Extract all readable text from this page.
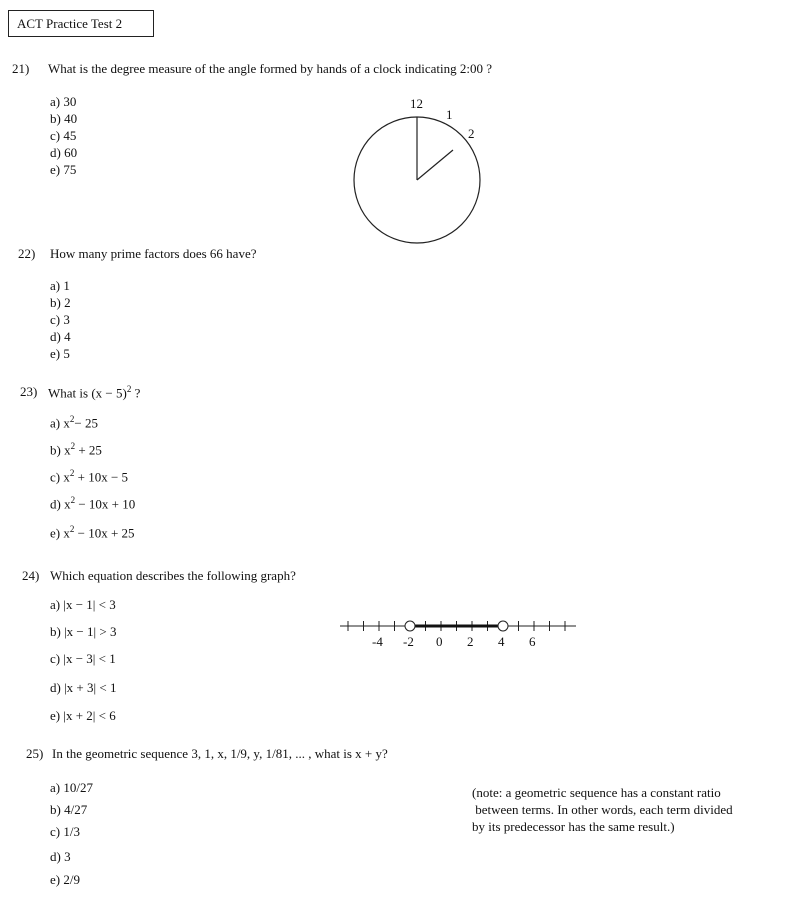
ACT Practice Test 2
21) What is the degree measure of the angle formed by hands of a clock indicating 2:00 ?
a) 30
b) 40
c) 45
d) 60
e) 75
12
1
2
22) How many prime factors does 66 have?
a) 1
b) 2
c) 3
d) 4
e) 5
23) What is $(x - 5)^2$ ?
a) $x^2- 25$
b) $x^2 + 25$
c) $x^2 + 10x - 5$
d) $x^2 - 10x + 10$
e) $x^2 - 10x + 25$
24) Which equation describes the following graph?
a) |x − 1| < 3
b) |x − 1| > 3
c) |x − 3| < 1
d) |x + 3| < 1
e) |x + 2| < 6
-4 -2 0 2 4 6
25) In the geometric sequence 3, 1, x, 1/9, y, 1/81, ... , what is x + y?
a) 10/27
b) 4/27
c) 1/3
d) 3
e) 2/9
(note: a geometric sequence has a constant ratio
between terms. In other words, each term divided
by its predecessor has the same result.)
